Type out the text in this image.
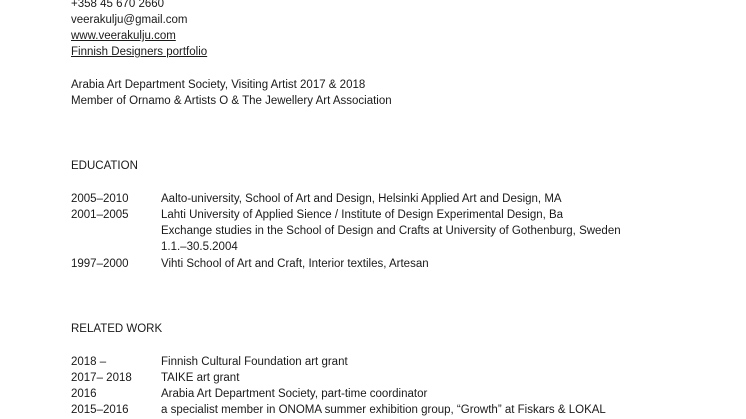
+358 45 670 2660
veerakulju@gmail.com
www.veerakulju.com
Finnish Designers portfolio
Arabia Art Department Society, Visiting Artist 2017 & 2018
Member of Ornamo & Artists O & The Jewellery Art Association
EDUCATION
2005–2010	Aalto-university, School of Art and Design, Helsinki Applied Art and Design, MA
2001–2005	Lahti University of Applied Sience / Institute of Design Experimental Design, Ba
Exchange studies in the School of Design and Crafts at University of Gothenburg, Sweden
1.1.–30.5.2004
1997–2000	Vihti School of Art and Craft, Interior textiles, Artesan
RELATED WORK
2018 –	Finnish Cultural Foundation art grant
2017– 2018	TAIKE art grant
2016	Arabia Art Department Society, part-time coordinator
2015–2016	a specialist member in ONOMA summer exhibition group, “Growth” at Fiskars & LOKAL
